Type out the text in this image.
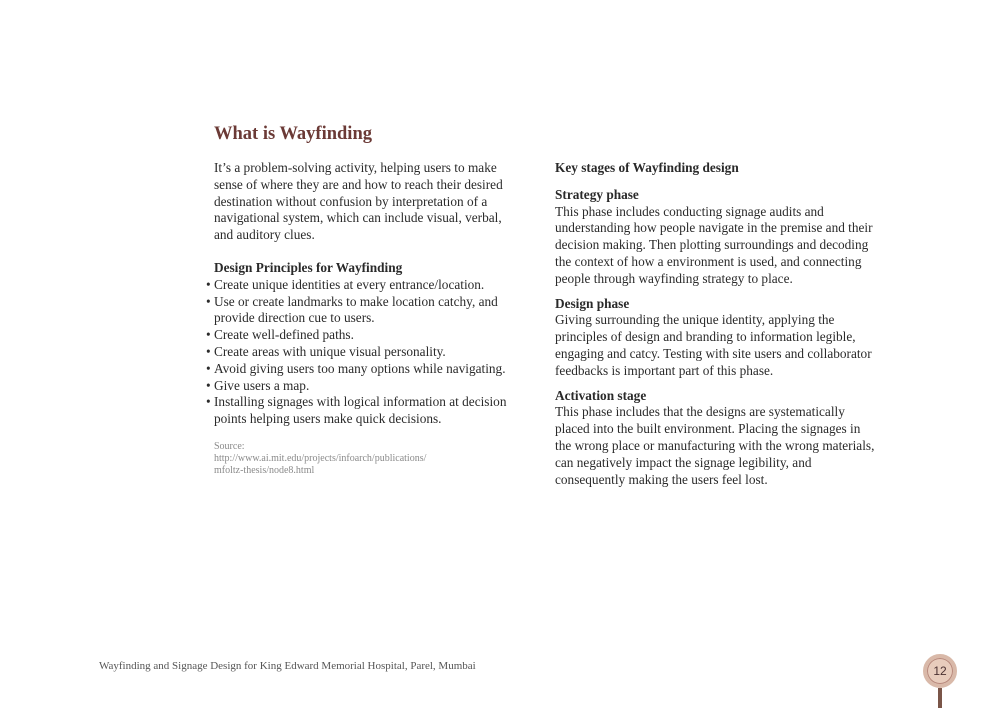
What is Wayfinding

It’s a problem-solving activity, helping users to make sense of where they are and how to reach their desired destination without confusion by interpretation of a navigational system, which can include visual, verbal, and auditory clues.

Design Principles for Wayfinding

• Create unique identities at every entrance/location.
• Use or create landmarks to make location catchy, and provide direction cue to users.
• Create well-defined paths.
• Create areas with unique visual personality.
• Avoid giving users too many options while navigating.
• Give users a map.
• Installing signages with logical information at decision points helping users make quick decisions.
Source:
http://www.ai.mit.edu/projects/infoarch/publications/
mfoltz-thesis/node8.html

Key stages of Wayfinding design

Strategy phase

This phase includes conducting signage audits and understanding how people navigate in the premise and their decision making. Then plotting surroundings and decoding the context of how a environment is used, and connecting people through wayfinding strategy to place.

Design phase

Giving surrounding the unique identity, applying the principles of design and branding to information legible, engaging and catcy. Testing with site users and collaborator feedbacks is important part of this phase.

Activation stage

This phase includes that the designs are systematically placed into the built environment. Placing the signages in the wrong place or manufacturing with the wrong materials, can negatively impact the signage legibility, and consequently making the users feel lost.

Wayfinding and Signage Design for King Edward Memorial Hospital, Parel, Mumbai	12
